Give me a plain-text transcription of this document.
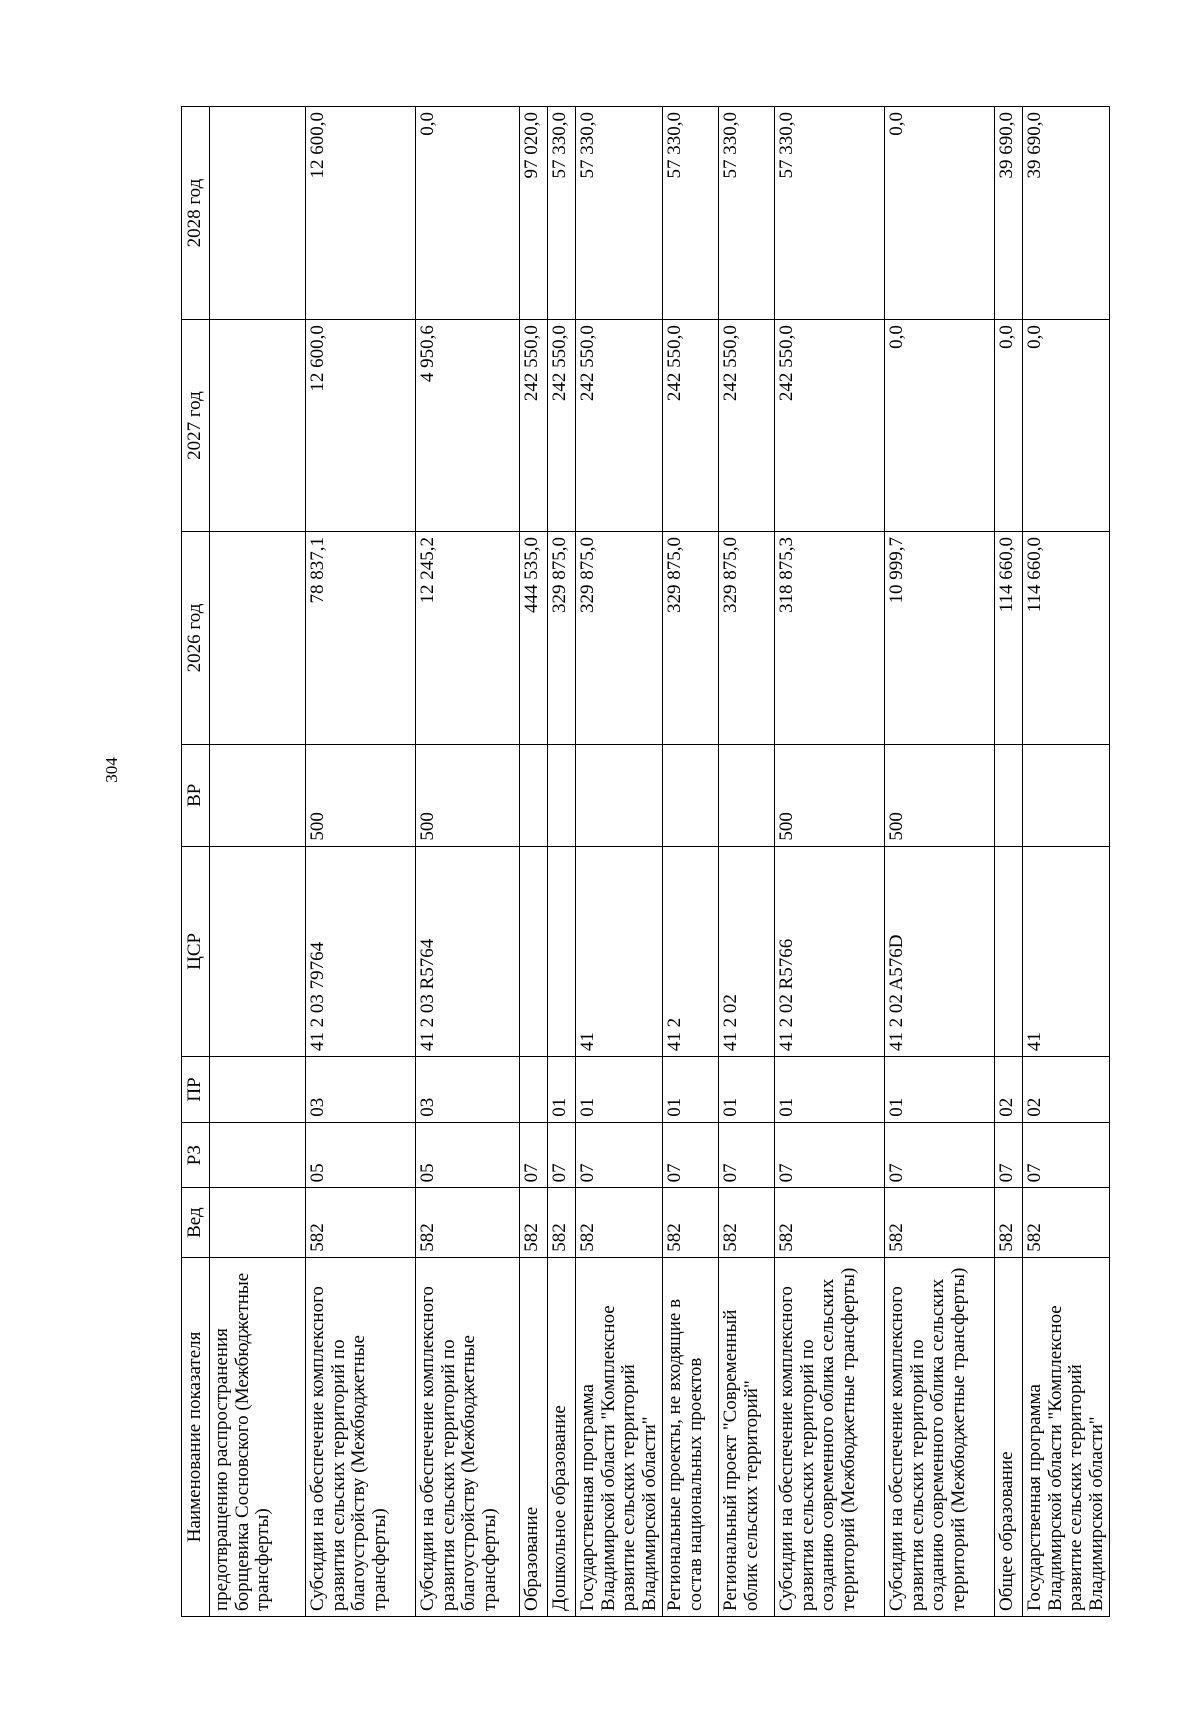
304
Наименование показателя	Вед	РЗ	ПР	ЦСР	ВР	2026 год	2027 год	2028 год
предотвращению распространения борщевика Сосновского (Межбюджетные трансферты)								
Субсидии на обеспечение комплексного развития сельских территорий по благоустройству (Межбюджетные трансферты)	582	05	03	41 2 03 79764	500	78 837,1	12 600,0	12 600,0
Субсидии на обеспечение комплексного развития сельских территорий по благоустройству (Межбюджетные трансферты)	582	05	03	41 2 03 R5764	500	12 245,2	4 950,6	0,0
Образование	582	07				444 535,0	242 550,0	97 020,0
Дошкольное образование	582	07	01			329 875,0	242 550,0	57 330,0
Государственная программа Владимирской области "Комплексное развитие сельских территорий Владимирской области"	582	07	01	41		329 875,0	242 550,0	57 330,0
Региональные проекты, не входящие в состав национальных проектов	582	07	01	41 2		329 875,0	242 550,0	57 330,0
Региональный проект "Современный облик сельских территорий"	582	07	01	41 2 02		329 875,0	242 550,0	57 330,0
Субсидии на обеспечение комплексного развития сельских территорий по созданию современного облика сельских территорий (Межбюджетные трансферты)	582	07	01	41 2 02 R5766	500	318 875,3	242 550,0	57 330,0
Субсидии на обеспечение комплексного развития сельских территорий по созданию современного облика сельских территорий (Межбюджетные трансферты)	582	07	01	41 2 02 A576D	500	10 999,7	0,0	0,0
Общее образование	582	07	02			114 660,0	0,0	39 690,0
Государственная программа Владимирской области "Комплексное развитие сельских территорий Владимирской области"	582	07	02	41		114 660,0	0,0	39 690,0
